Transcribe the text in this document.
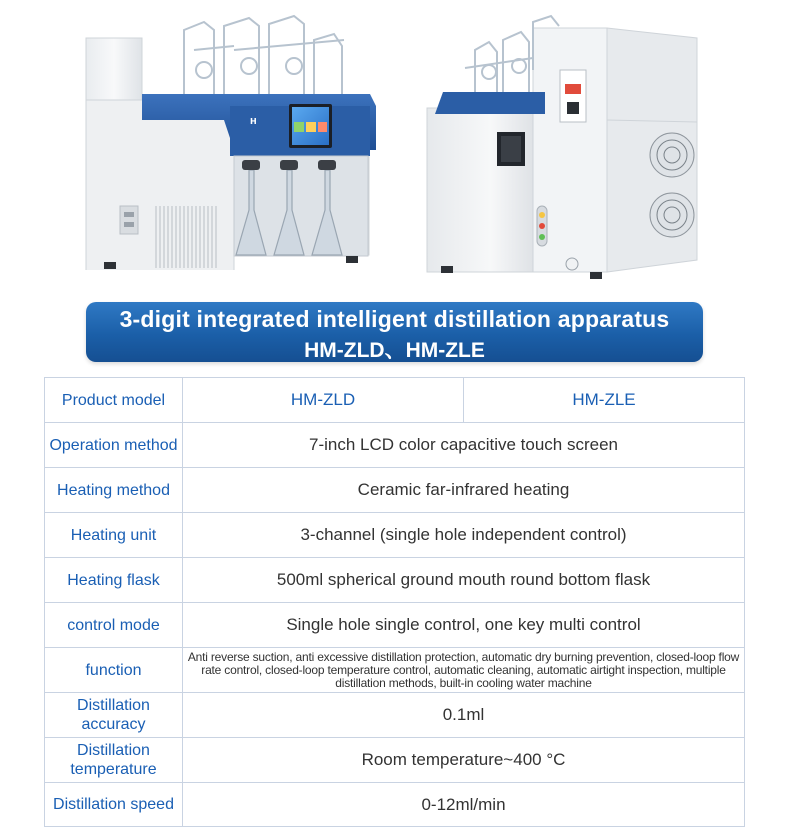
H
3-digit integrated intelligent distillation apparatus
HM-ZLD、HM-ZLE
Product model	HM-ZLD	HM-ZLE
Operation method	7-inch LCD color capacitive touch screen	
Heating method	Ceramic far-infrared heating	
Heating unit	3-channel (single hole independent control)	
Heating flask	500ml spherical ground mouth round bottom flask	
control mode	Single hole single control, one key multi control	
function	Anti reverse suction, anti excessive distillation protection, automatic dry burning prevention, closed-loop flow rate control, closed-loop temperature control, automatic cleaning, automatic airtight inspection, multiple distillation methods, built-in cooling water machine	
Distillation accuracy	0.1ml	
Distillation temperature	Room temperature~400 °C	
Distillation speed	0-12ml/min	
